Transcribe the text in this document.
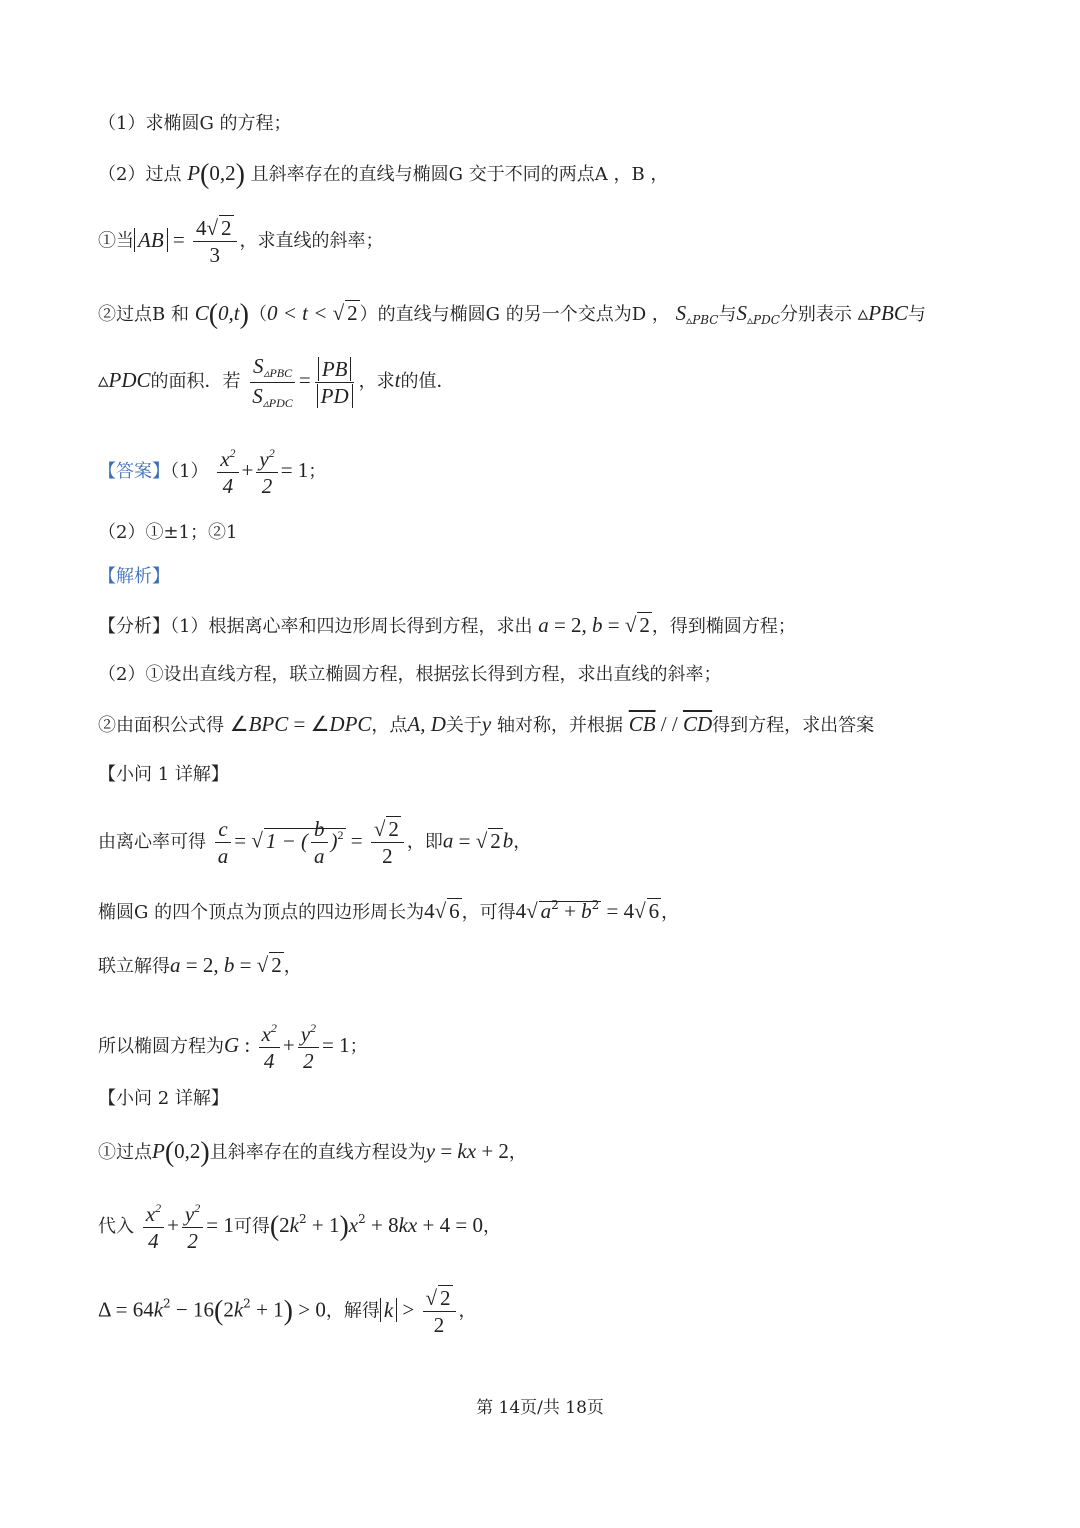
（1）求椭圆G 的方程；
（2）过点 P(0,2) 且斜率存在的直线与椭圆G 交于不同的两点A ，B ，
①当 AB = $\frac{4√ 2}{3}$ ，求直线的斜率；
②过点B 和 C(0,t)（0 < t < √ 2 ）的直线与椭圆G 的另一个交点为D ， $S_{▵PBC}$与$S_{▵PDC}$分别表示 ▵PBC与
▵PDC的面积．若 $\frac{S_{▵PBC}}{S_{▵PDC}} = \frac{PB}{PD}$ ，求t的值．
【答案】$(1) \frac{x^2}{4} + \frac{y^2}{2} = 1$；
（2）①±1；②1
【解析】
【分析】（1）根据离心率和四边形周长得到方程，求出 a = 2, b = √ 2 ，得到椭圆方程；
（2）①设出直线方程，联立椭圆方程，根据弦长得到方程，求出直线的斜率；
②由面积公式得 ∠BPC = ∠DPC，点A, D关于y 轴对称，并根据 $\overline{CB}$ / / $\overline{CD}$得到方程，求出答案
【小问 1 详解】
由离心率可得 $\frac{c}{a}$ = √ 1 − ( $\frac{b}{a} )^2 = \frac{√ 2}{2}$ ，即a = √ 2b，
椭圆G 的四个顶点为顶点的四边形周长为4√ 6 ，可得4√ $a^2 + b^2 = 4√$ 6 ，
联立解得a = 2, b = √ 2 ，
所以椭圆方程为G : $\frac{x^2}{4} + \frac{y^2}{2} = 1$；
【小问 2 详解】
①过点P(0,2)且斜率存在的直线方程设为y = kx + 2，
代入 $\frac{x^2}{4} + \frac{y^2}{2} = 1$可得$(2k^2 + 1)x^2 + 8kx + 4 = 0$，
$\Delta = 64k^2 - 16(2k^2 + 1) > 0$，解得 $k > \frac{√ 2}{2}$ ，
第 14页/共 18页
